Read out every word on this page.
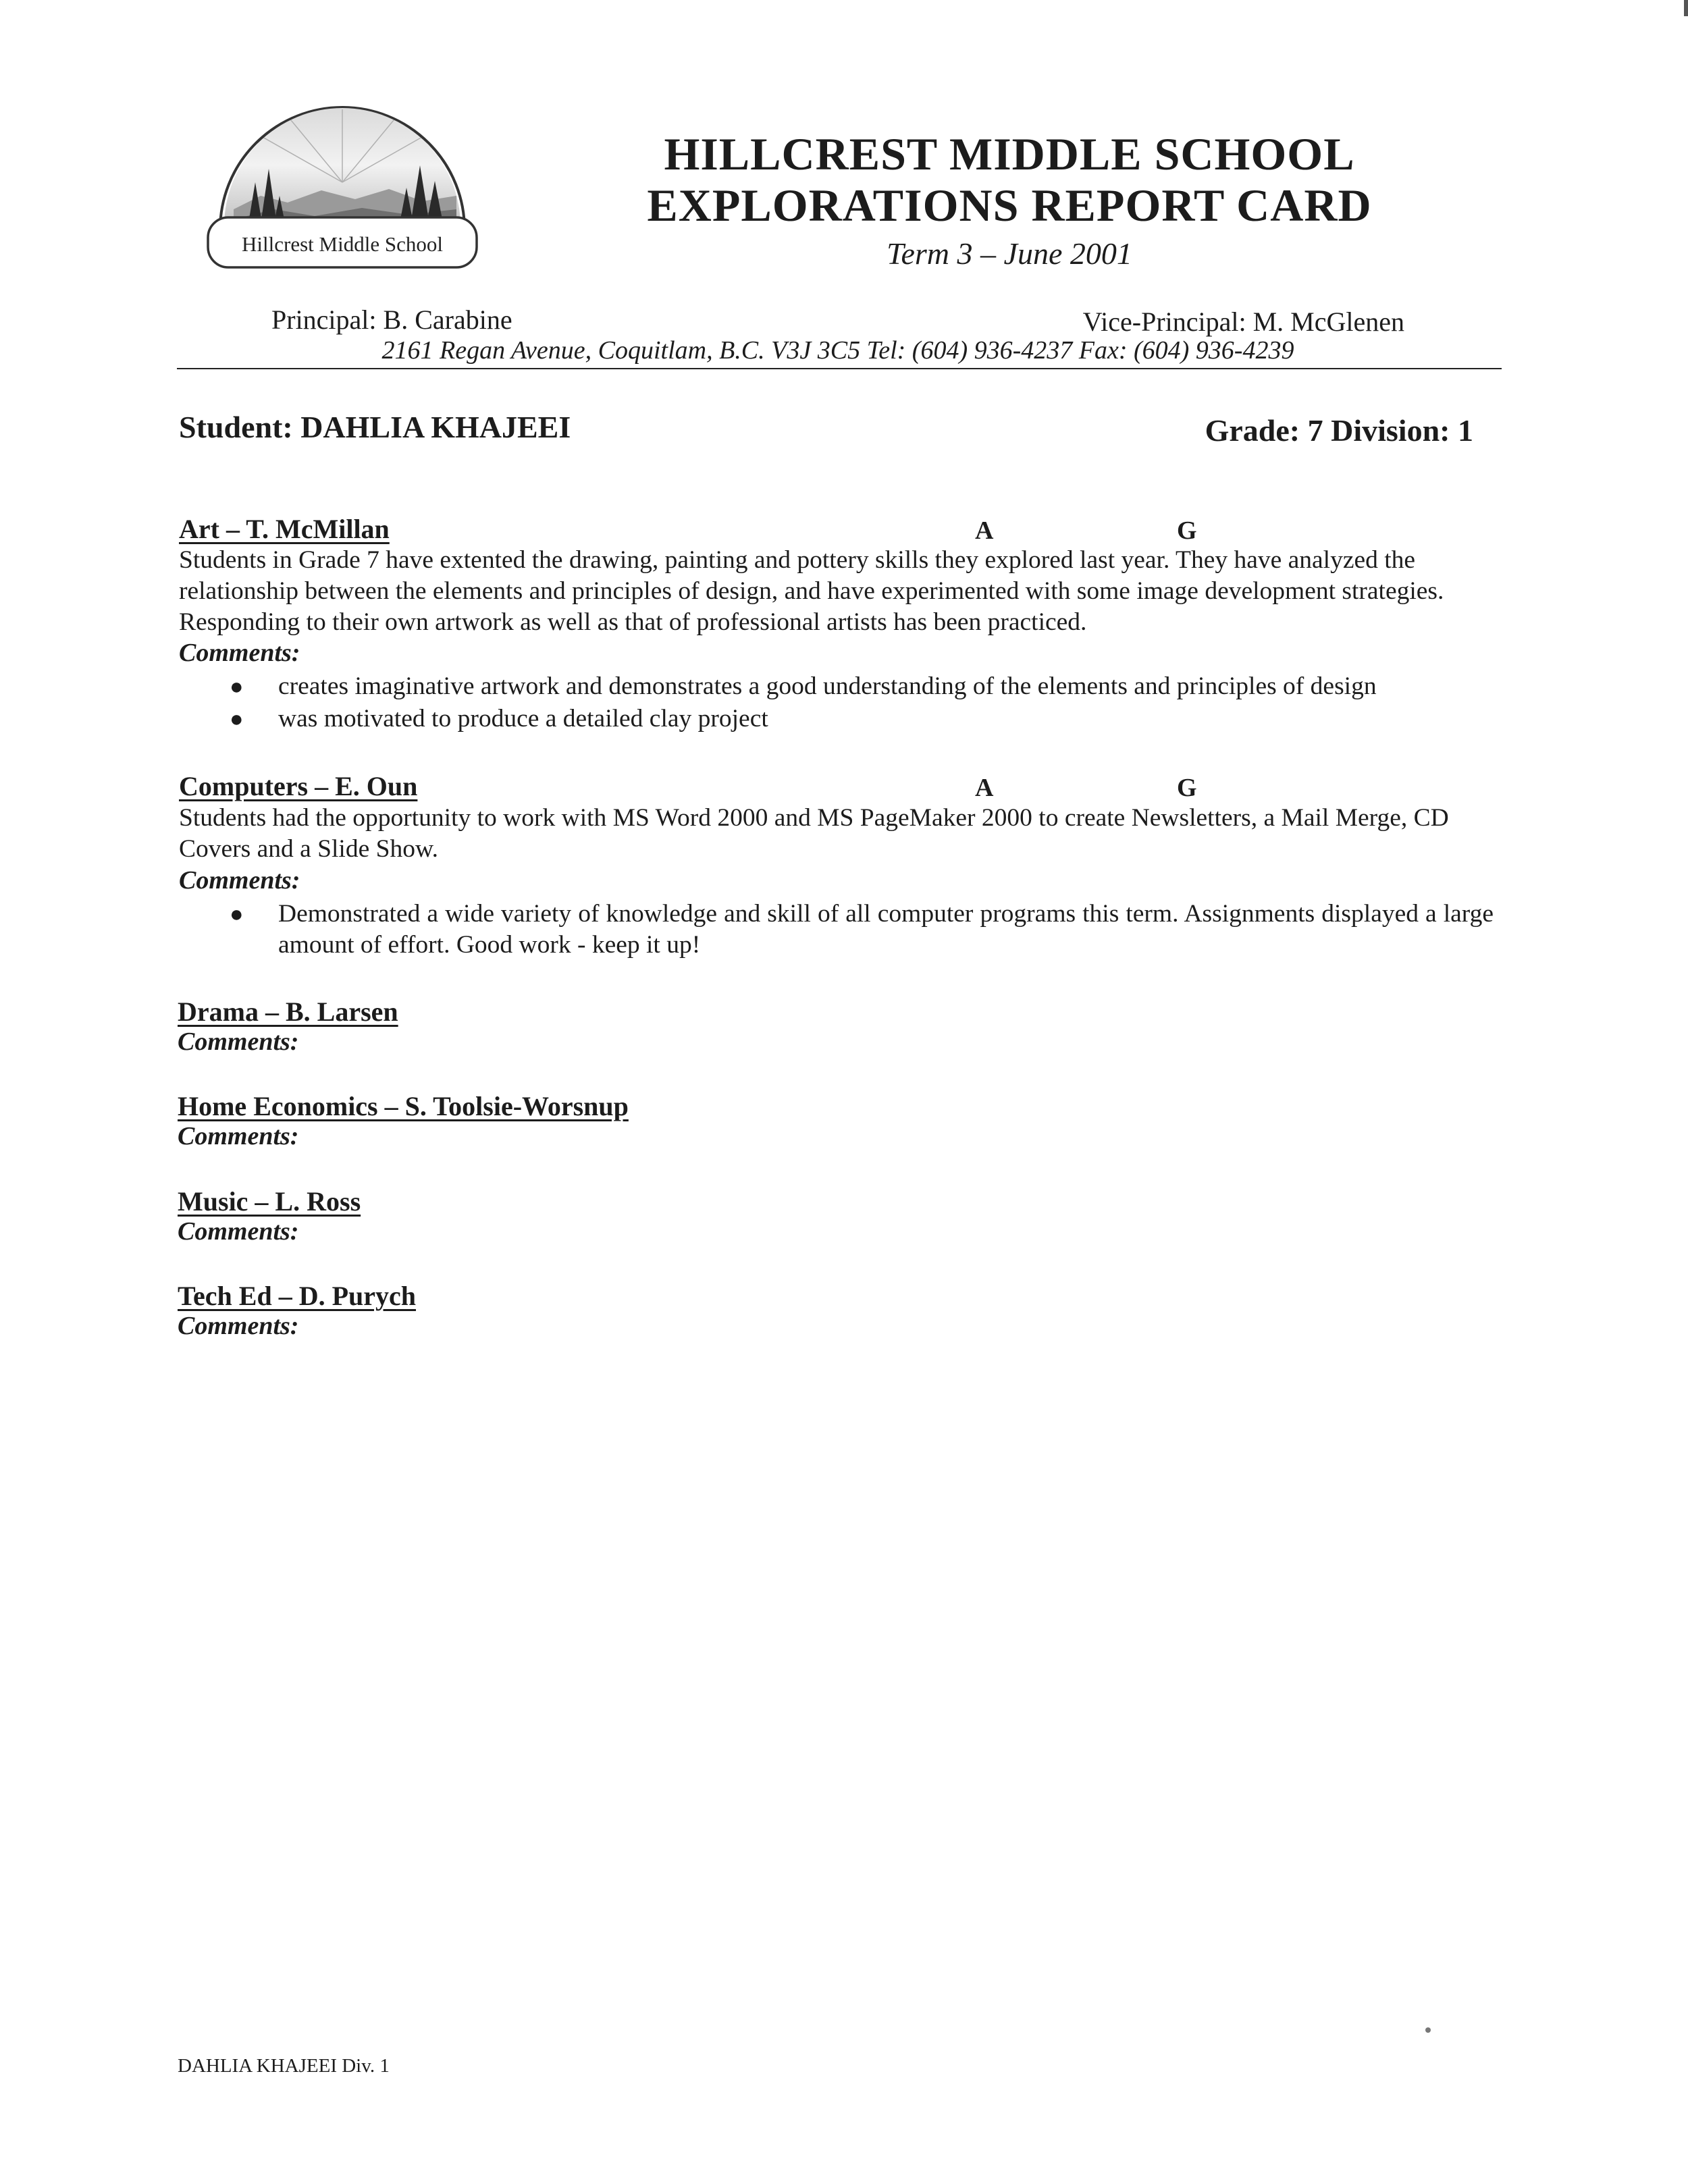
Hillcrest Middle School
HILLCREST MIDDLE SCHOOL
EXPLORATIONS REPORT CARD
Term 3 – June 2001
Principal: B. Carabine	Vice-Principal: M. McGlenen
2161 Regan Avenue, Coquitlam, B.C. V3J 3C5 Tel: (604) 936-4237 Fax: (604) 936-4239
Student: DAHLIA KHAJEEI	Grade: 7 Division: 1
Art – T. McMillan	A	G
Students in Grade 7 have extented the drawing, painting and pottery skills they explored last year. They have analyzed the relationship between the elements and principles of design, and have experimented with some image development strategies. Responding to their own artwork as well as that of professional artists has been practiced.
Comments:
● creates imaginative artwork and demonstrates a good understanding of the elements and principles of design
● was motivated to produce a detailed clay project
Computers – E. Oun	A	G
Students had the opportunity to work with MS Word 2000 and MS PageMaker 2000 to create Newsletters, a Mail Merge, CD Covers and a Slide Show.
Comments:
● Demonstrated a wide variety of knowledge and skill of all computer programs this term. Assignments displayed a large amount of effort. Good work - keep it up!
Drama – B. Larsen
Comments:
Home Economics – S. Toolsie-Worsnup
Comments:
Music – L. Ross
Comments:
Tech Ed – D. Purych
Comments:
DAHLIA KHAJEEI Div. 1
